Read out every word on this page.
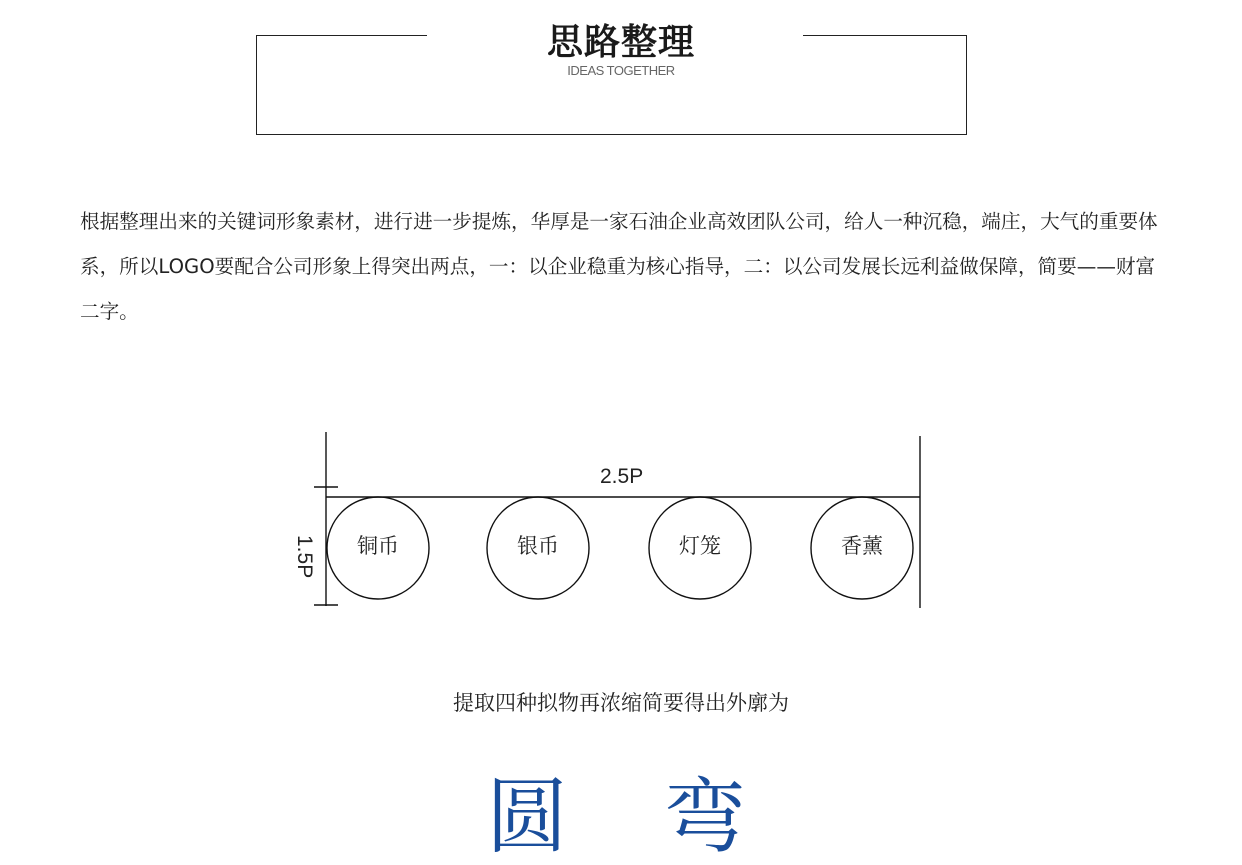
思路整理
IDEAS TOGETHER
根据整理出来的关键词形象素材，进行进一步提炼，华厚是一家石油企业高效团队公司，给人一种沉稳，端庄，大气的重要体系，所以LOGO要配合公司形象上得突出两点，一：以企业稳重为核心指导，二：以公司发展长远利益做保障，简要——财富二字。
2.5P
1.5P	铜币	银币	灯笼	香薰
提取四种拟物再浓缩简要得出外廓为
圆 弯
